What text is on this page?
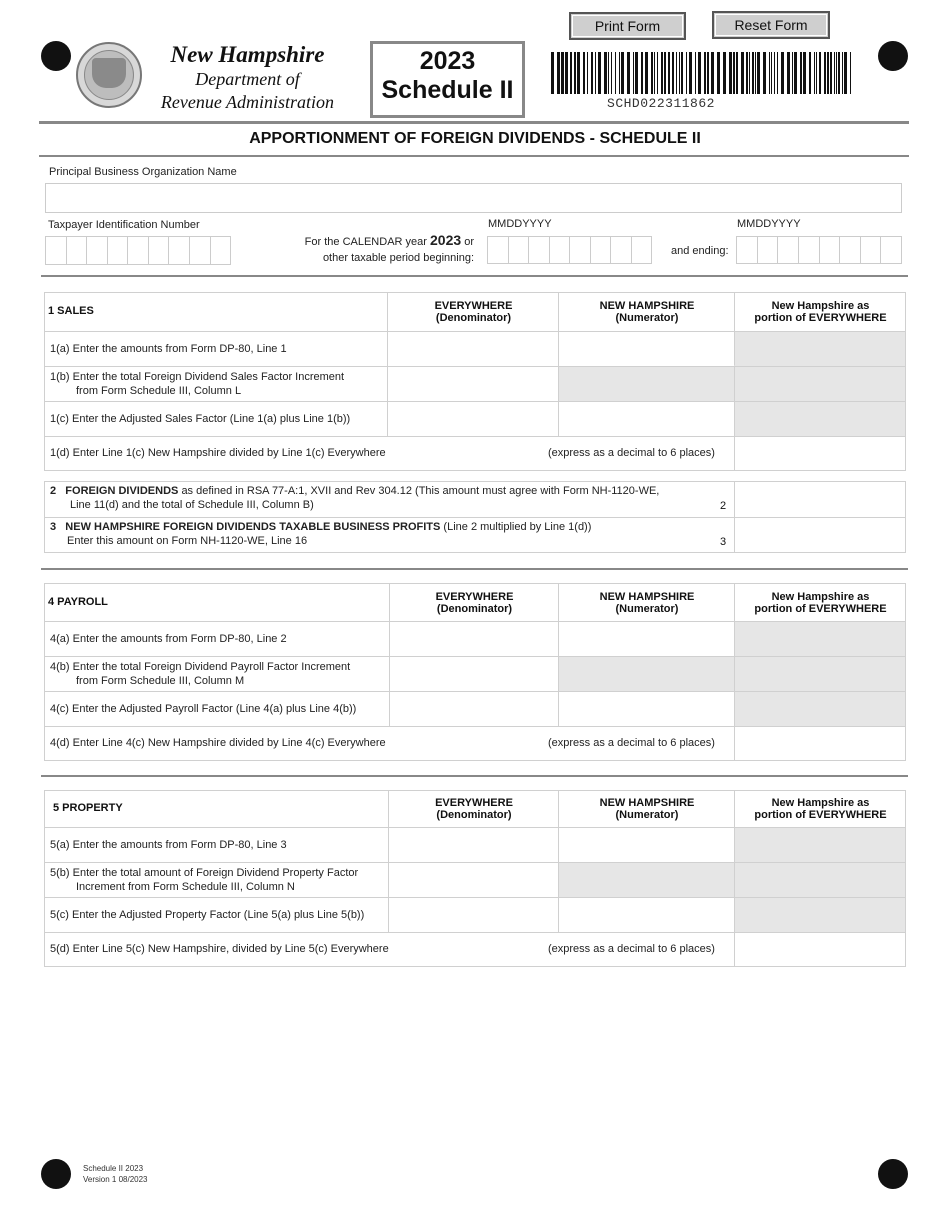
Print Form	Reset Form
New Hampshire
Department of
Revenue Administration
2023
Schedule II	SCHD022311862
APPORTIONMENT OF FOREIGN DIVIDENDS - SCHEDULE II
Principal Business Organization Name
Taxpayer Identification Number
For the CALENDAR year 2023 or
other taxable period beginning:
MMDDYYYY
and ending:
MMDDYYYY
1 SALES	EVERYWHERE
(Denominator)
NEW HAMPSHIRE
(Numerator)
New Hampshire as
portion of EVERYWHERE
1(a) Enter the amounts from Form DP-80, Line 1
1(b) Enter the total Foreign Dividend Sales Factor Increment
from Form Schedule III, Column L
1(c) Enter the Adjusted Sales Factor (Line 1(a) plus Line 1(b))
1(d) Enter Line 1(c) New Hampshire divided by Line 1(c) Everywhere	(express as a decimal to 6 places)
2 FOREIGN DIVIDENDS as defined in RSA 77-A:1, XVII and Rev 304.12 (This amount must agree with Form NH-1120-WE,
Line 11(d) and the total of Schedule III, Column B)	2
3 NEW HAMPSHIRE FOREIGN DIVIDENDS TAXABLE BUSINESS PROFITS (Line 2 multiplied by Line 1(d))
Enter this amount on Form NH-1120-WE, Line 16	3
4 PAYROLL	EVERYWHERE
(Denominator)
NEW HAMPSHIRE
(Numerator)
New Hampshire as
portion of EVERYWHERE
4(a) Enter the amounts from Form DP-80, Line 2
4(b) Enter the total Foreign Dividend Payroll Factor Increment
from Form Schedule III, Column M
4(c) Enter the Adjusted Payroll Factor (Line 4(a) plus Line 4(b))
4(d) Enter Line 4(c) New Hampshire divided by Line 4(c) Everywhere	(express as a decimal to 6 places)
5 PROPERTY	EVERYWHERE
(Denominator)
NEW HAMPSHIRE
(Numerator)
New Hampshire as
portion of EVERYWHERE
5(a) Enter the amounts from Form DP-80, Line 3
5(b) Enter the total amount of Foreign Dividend Property Factor
Increment from Form Schedule III, Column N
5(c) Enter the Adjusted Property Factor (Line 5(a) plus Line 5(b))
5(d) Enter Line 5(c) New Hampshire, divided by Line 5(c) Everywhere	(express as a decimal to 6 places)
Schedule II 2023
Version 1 08/2023
